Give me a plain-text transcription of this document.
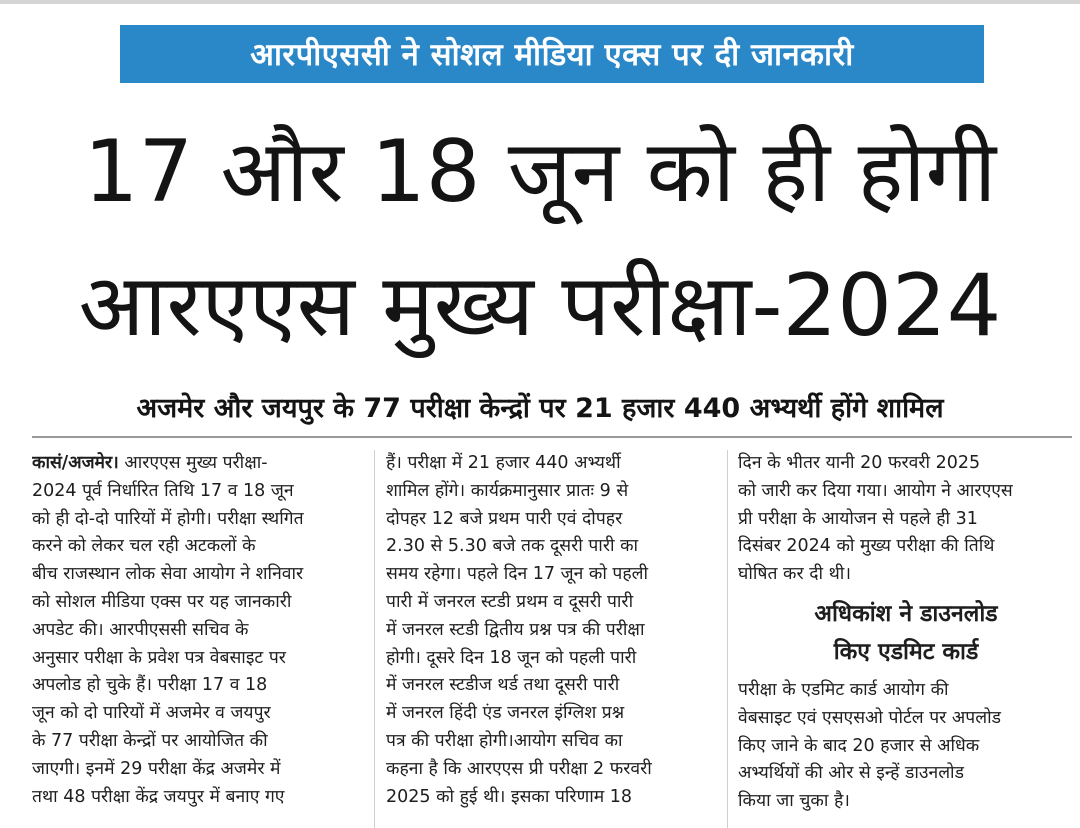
आरपीएससी ने सोशल मीडिया एक्स पर दी जानकारी
17 और 18 जून को ही होगी
आरएएस मुख्य परीक्षा-2024
अजमेर और जयपुर के 77 परीक्षा केन्द्रों पर 21 हजार 440 अभ्यर्थी होंगे शामिल
कासं/अजमेर। आरएएस मुख्य परीक्षा-
2024 पूर्व निर्धारित तिथि 17 व 18 जून
को ही दो-दो पारियों में होगी। परीक्षा स्थगित
करने को लेकर चल रही अटकलों के
बीच राजस्थान लोक सेवा आयोग ने शनिवार
को सोशल मीडिया एक्स पर यह जानकारी
अपडेट की। आरपीएससी सचिव के
अनुसार परीक्षा के प्रवेश पत्र वेबसाइट पर
अपलोड हो चुके हैं। परीक्षा 17 व 18
जून को दो पारियों में अजमेर व जयपुर
के 77 परीक्षा केन्द्रों पर आयोजित की
जाएगी। इनमें 29 परीक्षा केंद्र अजमेर में
तथा 48 परीक्षा केंद्र जयपुर में बनाए गए
हैं। परीक्षा में 21 हजार 440 अभ्यर्थी
शामिल होंगे। कार्यक्रमानुसार प्रातः 9 से
दोपहर 12 बजे प्रथम पारी एवं दोपहर
2.30 से 5.30 बजे तक दूसरी पारी का
समय रहेगा। पहले दिन 17 जून को पहली
पारी में जनरल स्टडी प्रथम व दूसरी पारी
में जनरल स्टडी द्वितीय प्रश्न पत्र की परीक्षा
होगी। दूसरे दिन 18 जून को पहली पारी
में जनरल स्टडीज थर्ड तथा दूसरी पारी
में जनरल हिंदी एंड जनरल इंग्लिश प्रश्न
पत्र की परीक्षा होगी।आयोग सचिव का
कहना है कि आरएएस प्री परीक्षा 2 फरवरी
2025 को हुई थी। इसका परिणाम 18
दिन के भीतर यानी 20 फरवरी 2025
को जारी कर दिया गया। आयोग ने आरएएस
प्री परीक्षा के आयोजन से पहले ही 31
दिसंबर 2024 को मुख्य परीक्षा की तिथि
घोषित कर दी थी।
अधिकांश ने डाउनलोड
किए एडमिट कार्ड
परीक्षा के एडमिट कार्ड आयोग की
वेबसाइट एवं एसएसओ पोर्टल पर अपलोड
किए जाने के बाद 20 हजार से अधिक
अभ्यर्थियों की ओर से इन्हें डाउनलोड
किया जा चुका है।
